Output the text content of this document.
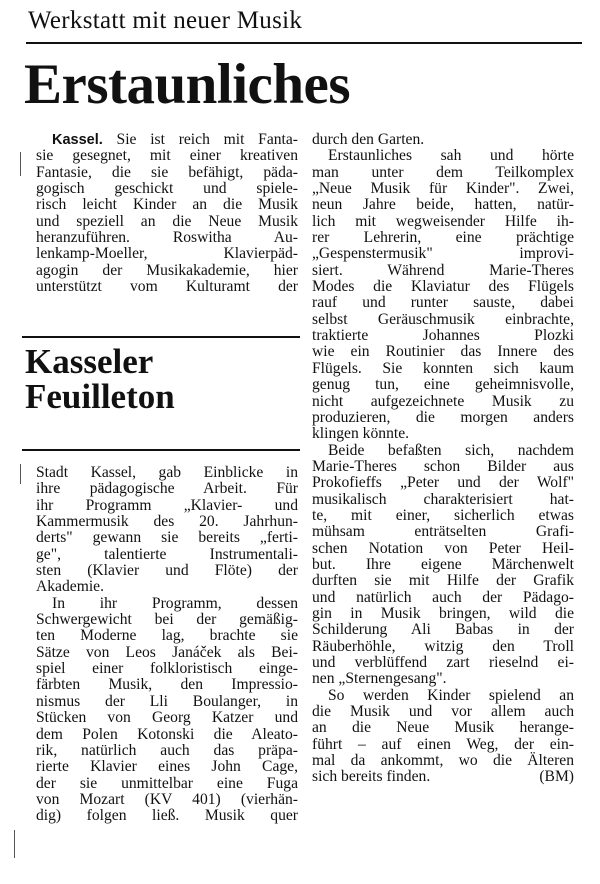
Werkstatt mit neuer Musik
Erstaunliches
Kassel. Sie ist reich mit Fanta-
sie gesegnet, mit einer kreativen
Fantasie, die sie befähigt, päda-
gogisch geschickt und spiele-
risch leicht Kinder an die Musik
und speziell an die Neue Musik
heranzuführen. Roswitha Au-
lenkamp-Moeller, Klavierpäd-
agogin der Musikakademie, hier
unterstützt vom Kulturamt der
Kasseler
Feuilleton
Stadt Kassel, gab Einblicke in
ihre pädagogische Arbeit. Für
ihr Programm „Klavier- und
Kammermusik des 20. Jahrhun-
derts" gewann sie bereits „ferti-
ge", talentierte Instrumentali-
sten (Klavier und Flöte) der
Akademie.
In ihr Programm, dessen
Schwergewicht bei der gemäßig-
ten Moderne lag, brachte sie
Sätze von Leos Janáček als Bei-
spiel einer folkloristisch einge-
färbten Musik, den Impressio-
nismus der Lli Boulanger, in
Stücken von Georg Katzer und
dem Polen Kotonski die Aleato-
rik, natürlich auch das präpa-
rierte Klavier eines John Cage,
der sie unmittelbar eine Fuga
von Mozart (KV 401) (vierhän-
dig) folgen ließ. Musik quer
durch den Garten.
Erstaunliches sah und hörte
man unter dem Teilkomplex
„Neue Musik für Kinder". Zwei,
neun Jahre beide, hatten, natür-
lich mit wegweisender Hilfe ih-
rer Lehrerin, eine prächtige
„Gespenstermusik" improvi-
siert. Während Marie-Theres
Modes die Klaviatur des Flügels
rauf und runter sauste, dabei
selbst Geräuschmusik einbrachte,
traktierte Johannes Plozki
wie ein Routinier das Innere des
Flügels. Sie konnten sich kaum
genug tun, eine geheimnisvolle,
nicht aufgezeichnete Musik zu
produzieren, die morgen anders
klingen könnte.
Beide befaßten sich, nachdem
Marie-Theres schon Bilder aus
Prokofieffs „Peter und der Wolf"
musikalisch charakterisiert hat-
te, mit einer, sicherlich etwas
mühsam enträtselten Grafi-
schen Notation von Peter Heil-
but. Ihre eigene Märchenwelt
durften sie mit Hilfe der Grafik
und natürlich auch der Pädago-
gin in Musik bringen, wild die
Schilderung Ali Babas in der
Räuberhöhle, witzig den Troll
und verblüffend zart rieselnd ei-
nen „Sternengesang".
So werden Kinder spielend an
die Musik und vor allem auch
an die Neue Musik herange-
führt – auf einen Weg, der ein-
mal da ankommt, wo die Älteren
sich bereits finden.	(BM)
